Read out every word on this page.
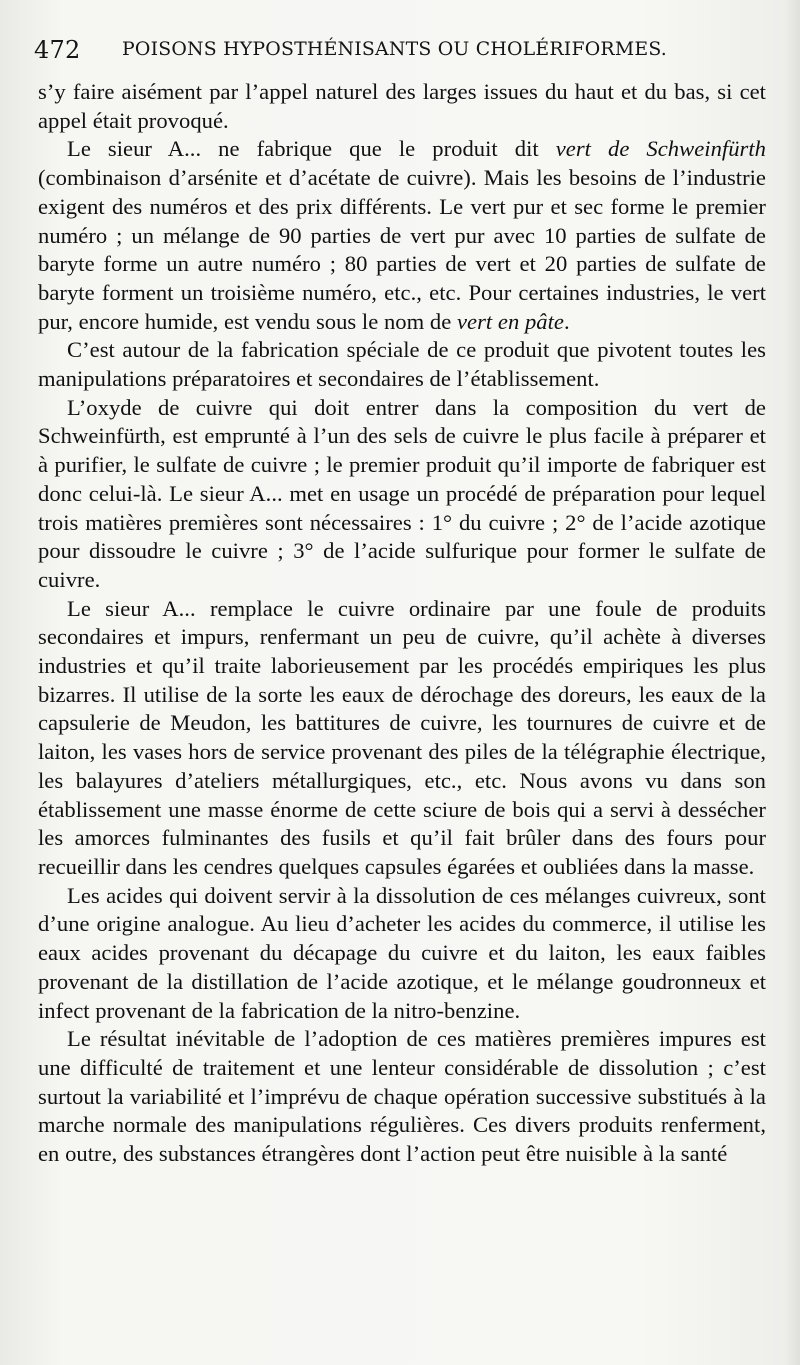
472 POISONS HYPOSTHÉNISANTS OU CHOLÉRIFORMES.

s’y faire aisément par l’appel naturel des larges issues du haut et du bas, si cet appel était provoqué.

Le sieur A... ne fabrique que le produit dit vert de Schweinfürth (combinaison d’arsénite et d’acétate de cuivre). Mais les besoins de l’industrie exigent des numéros et des prix différents. Le vert pur et sec forme le premier numéro ; un mélange de 90 parties de vert pur avec 10 parties de sulfate de baryte forme un autre numéro ; 80 parties de vert et 20 parties de sulfate de baryte forment un troisième numéro, etc., etc. Pour certaines industries, le vert pur, encore humide, est vendu sous le nom de vert en pâte.

C’est autour de la fabrication spéciale de ce produit que pivotent toutes les manipulations préparatoires et secondaires de l’établissement.

L’oxyde de cuivre qui doit entrer dans la composition du vert de Schweinfürth, est emprunté à l’un des sels de cuivre le plus facile à préparer et à purifier, le sulfate de cuivre ; le premier produit qu’il importe de fabriquer est donc celui-là. Le sieur A... met en usage un procédé de préparation pour lequel trois matières premières sont nécessaires : 1° du cuivre ; 2° de l’acide azotique pour dissoudre le cuivre ; 3° de l’acide sulfurique pour former le sulfate de cuivre.

Le sieur A... remplace le cuivre ordinaire par une foule de produits secondaires et impurs, renfermant un peu de cuivre, qu’il achète à diverses industries et qu’il traite laborieusement par les procédés empiriques les plus bizarres. Il utilise de la sorte les eaux de dérochage des doreurs, les eaux de la capsulerie de Meudon, les battitures de cuivre, les tournures de cuivre et de laiton, les vases hors de service provenant des piles de la télégraphie électrique, les balayures d’ateliers métallurgiques, etc., etc. Nous avons vu dans son établissement une masse énorme de cette sciure de bois qui a servi à dessécher les amorces fulminantes des fusils et qu’il fait brûler dans des fours pour recueillir dans les cendres quelques capsules égarées et oubliées dans la masse.

Les acides qui doivent servir à la dissolution de ces mélanges cuivreux, sont d’une origine analogue. Au lieu d’acheter les acides du commerce, il utilise les eaux acides provenant du décapage du cuivre et du laiton, les eaux faibles provenant de la distillation de l’acide azotique, et le mélange goudronneux et infect provenant de la fabrication de la nitro-benzine.

Le résultat inévitable de l’adoption de ces matières premières impures est une difficulté de traitement et une lenteur considérable de dissolution ; c’est surtout la variabilité et l’imprévu de chaque opération successive substitués à la marche normale des manipulations régulières. Ces divers produits renferment, en outre, des substances étrangères dont l’action peut être nuisible à la santé
